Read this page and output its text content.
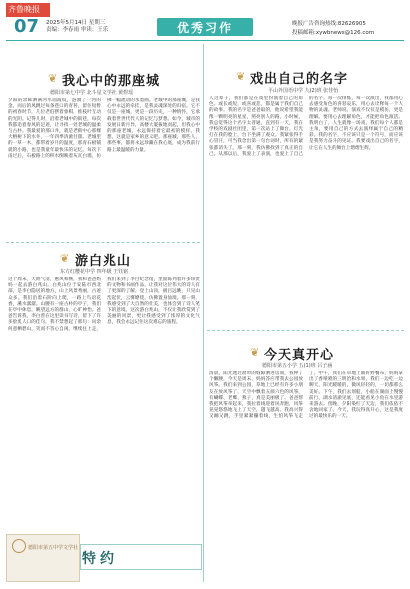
齐鲁晚报
07 2025年5月14日 星期三
责编：李春雨 审读：王乐	优秀习作	晚报广告咨询热线:82626905
投稿邮箱:xywbnews@126.com
❦ 我心中的那座城
德阳市第七中学 北斗星文学社 黄煜瑶
夕阳的余晖洒满河水面波纹，涟漪了一河的金。而后的风跳过每条巷口的青苔，留住短暂的初春时节，几位老伯摆着象棋，推枝叶互动的光阴。记得儿时，沿着老城中的街巷，每次我都追着春风的足迹，让寻找一处老城的温柔与古朴。我最爱的那口井，就是老街中心那棵大榕树下的水井，一年四季清澈甘甜。老城里的一草一木，都带着岁月的温度，那青石板铺就的小路，也是我童年最快乐的记忆。每次下雨过后，石板路上的积水倒映着灰瓦白墙，仿佛一幅流动的水墨画。老城中的那座城，是我心中永远的牵挂，是我灵魂深处的归宿。它不仅是一座城，更是一段历史，一种情怀，它承载着世世代代人的记忆与梦想。如今，城市的发展日新月异，高楼大厦拔地而起，但我心中的那座老城，永远保持着它最初的模样。我想，这就是家乡的意义吧。那座城，那些人，那些事，都将永远珍藏在我心底，成为我前行路上最温暖的力量。
❦ 戏出自己的名字
平山外国语中学 九(2)班 张佳怡
人这辈子，我们都是在戏里扮演着自己的角色。或长或短，或喜或悲，都是属于我们自己的故事。我的名字是爸爸取的，他说希望我能像一颗明亮的星星，照亮别人的路。小时候，我总觉得这个名字太普通，直到有一天，我在学校的戏剧社团里，第一次站上了舞台。灯光打在我的脸上，台下坐满了观众。我紧张得手心冒汗，可当我念出第一句台词时，所有的紧张都消失了。那一刻，我仿佛找到了真正的自己。从那以后，我爱上了表演，也爱上了自己的名字。每一次排练，每一次演出，我都用心去感受角色的喜怒哀乐，用心去诠释每一个人物的灵魂。老师说，演戏不仅仅是模仿，更是理解。要用心去理解角色，才能把角色演活。我明白了，人生就像一场戏，我们每个人都是主角，要用自己的方式去演绎属于自己的精彩。我的名字，不应该只是一个符号，而应该是我努力奋斗的见证。我要戏出自己的名字，让它在人生的舞台上熠熠生辉。
❦ 游白兆山
东方红樱花中学 四年级 王钰铭
这个周末，天朗气清，惠风和畅，我和爸爸妈妈一起去游白兆山。白兆山位于安陆市西北部，是李白隐居的地方，山上风景秀丽，古迹众多。我们沿着石阶向上爬，一路上鸟语花香，溪水潺潺。山腰有一座古朴的亭子，我们在亭中休息，眺望远方的群山，心旷神怡。爸爸告诉我，李白曾在这里读书写诗，留下了许多脍炙人口的佳句。我不禁想起了那句：问余何意栖碧山，笑而不答心自闲。继续往上走，我们来到了李白纪念馆，里面陈列着许多珍贵的文物和书画作品，让我对这位伟大的诗人有了更深的了解。登上山顶，极目远眺，只见山峦起伏，云雾缭绕，仿佛置身仙境。那一刻，我感受到了大自然的壮美，也体会到了诗人笔下的意境。这次游白兆山，不仅让我欣赏到了美丽的风景，更让我感受到了浓厚的文化气息，我会永远记住这次难忘的旅程。
❦ 今天真开心
德阳市第五小学 五(1)班 吕子涵
清晨，阳光透过窗帘的缝隙洒进房间，我伸了个懒腰，今天是周末，妈妈答应带我去公园放风筝。我们来到公园，草地上已经有许多小朋友在放风筝了，天空中飘着五颜六色的风筝，有蝴蝶、老鹰、燕子，真是美丽极了。爸爸帮我把风筝举起来，我拉着线迎着风奔跑，风筝晃晃悠悠地飞上了天空，越飞越高。我高兴得又蹦又跳，手里紧紧攥着线，生怕风筝飞走了。中午，我们在草地上铺好野餐布，妈妈拿出了香喷喷的三明治和水果，我们一边吃一边聊天，阳光暖暖的，微风轻轻的，一切都那么美好。下午，我们去划船，小船在湖面上慢慢前行，湖水清澈见底，还能看见小鱼在水里游来游去。傍晚，夕阳染红了天边，我们依依不舍地回家了。今天，我玩得真开心，这是我度过的最快乐的一天。
德阳市第五中学文学社
特约
